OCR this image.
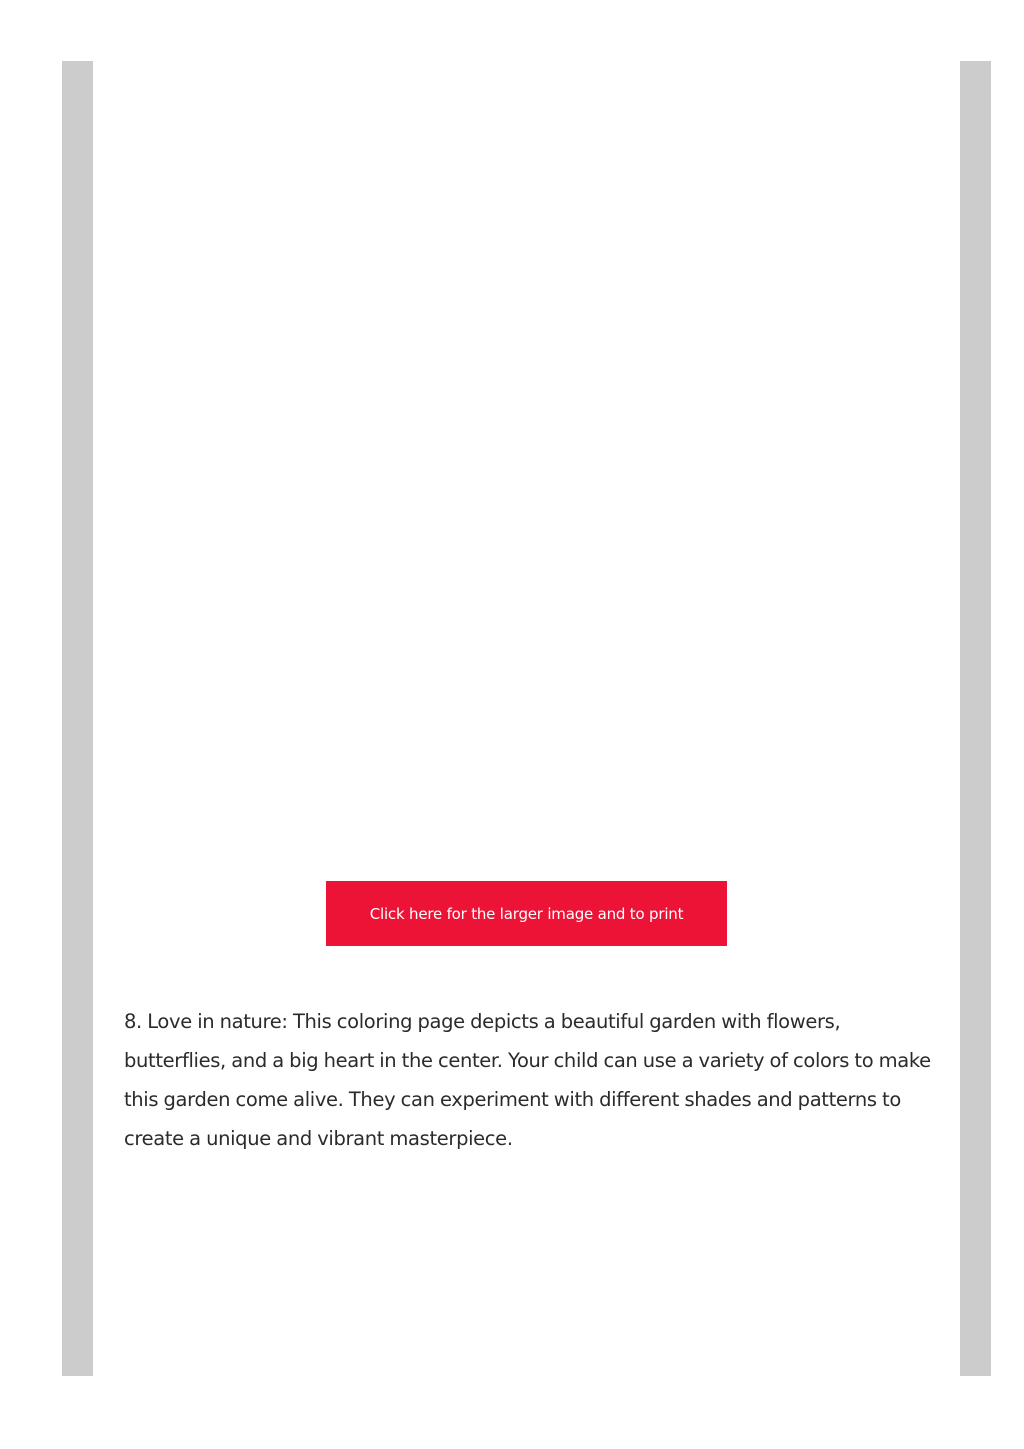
Click here for the larger image and to print

8. Love in nature: This coloring page depicts a beautiful garden with flowers, butterflies, and a big heart in the center. Your child can use a variety of colors to make this garden come alive. They can experiment with different shades and patterns to create a unique and vibrant masterpiece.
